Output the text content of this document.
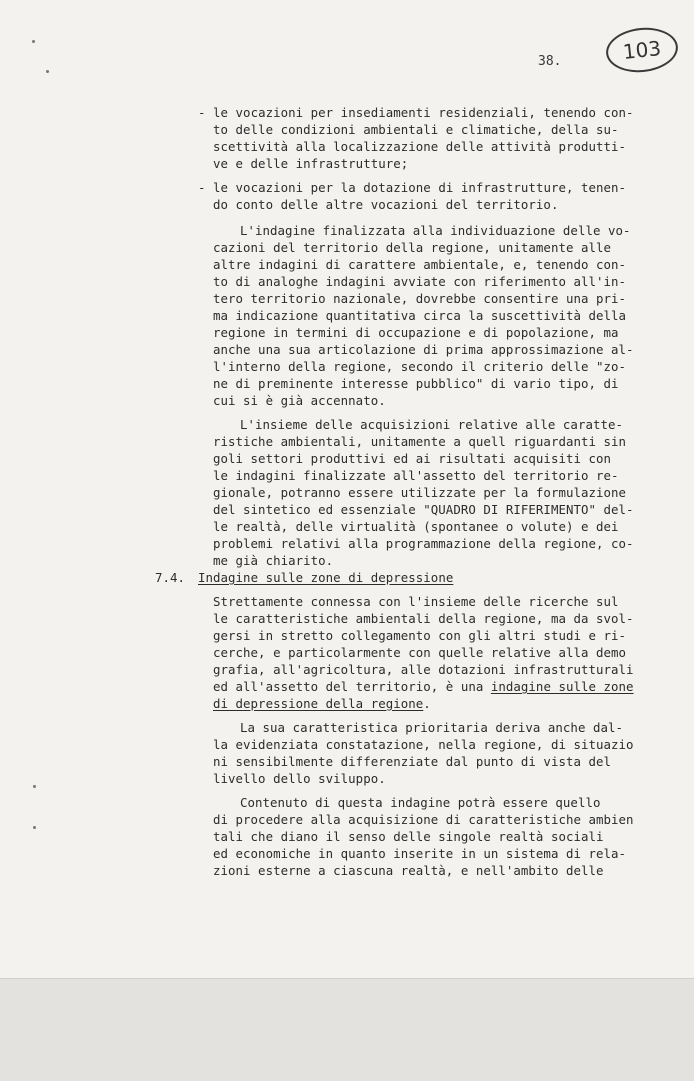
38.	103
- le vocazioni per insediamenti residenziali, tenendo con-
to delle condizioni ambientali e climatiche, della su-
scettività alla localizzazione delle attività produtti-
ve e delle infrastrutture;
- le vocazioni per la dotazione di infrastrutture, tenen-
do conto delle altre vocazioni del territorio.
L'indagine finalizzata alla individuazione delle vo-
cazioni del territorio della regione, unitamente alle
altre indagini di carattere ambientale, e, tenendo con-
to di analoghe indagini avviate con riferimento all'in-
tero territorio nazionale, dovrebbe consentire una pri-
ma indicazione quantitativa circa la suscettività della
regione in termini di occupazione e di popolazione, ma
anche una sua articolazione di prima approssimazione al-
l'interno della regione, secondo il criterio delle "zo-
ne di preminente interesse pubblico" di vario tipo, di
cui si è già accennato.
L'insieme delle acquisizioni relative alle caratte-
ristiche ambientali, unitamente a quell riguardanti sin
goli settori produttivi ed ai risultati acquisiti con
le indagini finalizzate all'assetto del territorio re-
gionale, potranno essere utilizzate per la formulazione
del sintetico ed essenziale "QUADRO DI RIFERIMENTO" del-
le realtà, delle virtualità (spontanee o volute) e dei
problemi relativi alla programmazione della regione, co-
me già chiarito.
7.4. Indagine sulle zone di depressione
Strettamente connessa con l'insieme delle ricerche sul
le caratteristiche ambientali della regione, ma da svol-
gersi in stretto collegamento con gli altri studi e ri-
cerche, e particolarmente con quelle relative alla demo
grafia, all'agricoltura, alle dotazioni infrastrutturali
ed all'assetto del territorio, è una indagine sulle zone
di depressione della regione.
La sua caratteristica prioritaria deriva anche dal-
la evidenziata constatazione, nella regione, di situazio
ni sensibilmente differenziate dal punto di vista del
livello dello sviluppo.
Contenuto di questa indagine potrà essere quello
di procedere alla acquisizione di caratteristiche ambien
tali che diano il senso delle singole realtà sociali
ed economiche in quanto inserite in un sistema di rela-
zioni esterne a ciascuna realtà, e nell'ambito delle
